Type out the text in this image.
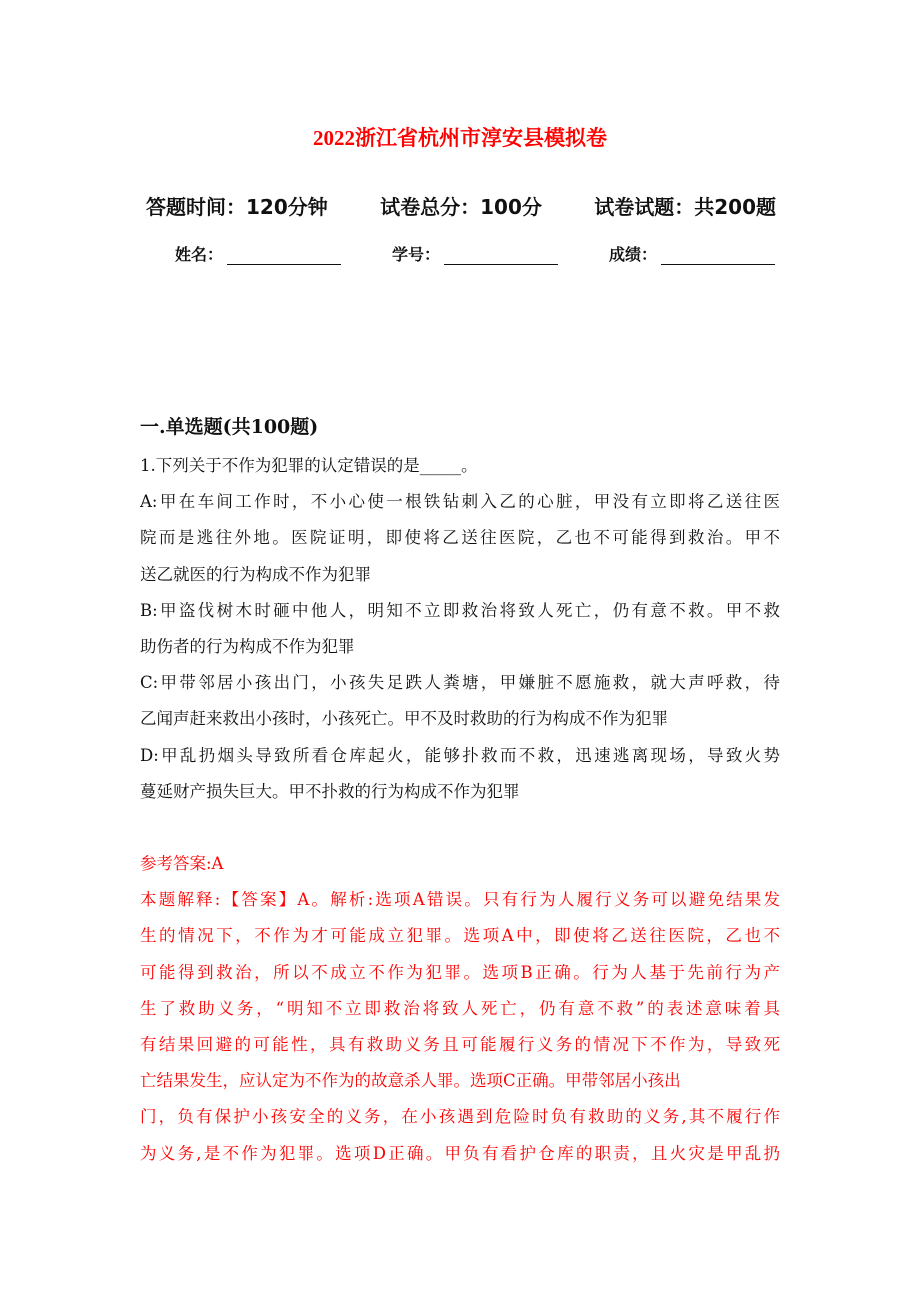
2022浙江省杭州市淳安县模拟卷
答题时间：120分钟	试卷总分：100分	试卷试题：共200题
姓名：	学号：	成绩：
一.单选题(共100题)
1.下列关于不作为犯罪的认定错误的是_____。
A:甲在车间工作时，不小心使一根铁钻刺入乙的心脏，甲没有立即将乙送往医
院而是逃往外地。医院证明，即使将乙送往医院，乙也不可能得到救治。甲不
送乙就医的行为构成不作为犯罪
B:甲盗伐树木时砸中他人，明知不立即救治将致人死亡，仍有意不救。甲不救
助伤者的行为构成不作为犯罪
C:甲带邻居小孩出门，小孩失足跌人粪塘，甲嫌脏不愿施救，就大声呼救，待
乙闻声赶来救出小孩时，小孩死亡。甲不及时救助的行为构成不作为犯罪
D:甲乱扔烟头导致所看仓库起火，能够扑救而不救，迅速逃离现场，导致火势
蔓延财产损失巨大。甲不扑救的行为构成不作为犯罪
参考答案:A
本题解释:【答案】A。解析:选项A错误。只有行为人履行义务可以避免结果发
生的情况下，不作为才可能成立犯罪。选项A中，即使将乙送往医院，乙也不
可能得到救治，所以不成立不作为犯罪。选项B正确。行为人基于先前行为产
生了救助义务，“明知不立即救治将致人死亡，仍有意不救”的表述意味着具
有结果回避的可能性，具有救助义务且可能履行义务的情况下不作为，导致死
亡结果发生，应认定为不作为的故意杀人罪。选项C正确。甲带邻居小孩出
门，负有保护小孩安全的义务，在小孩遇到危险时负有救助的义务,其不履行作
为义务,是不作为犯罪。选项D正确。甲负有看护仓库的职责，且火灾是甲乱扔
